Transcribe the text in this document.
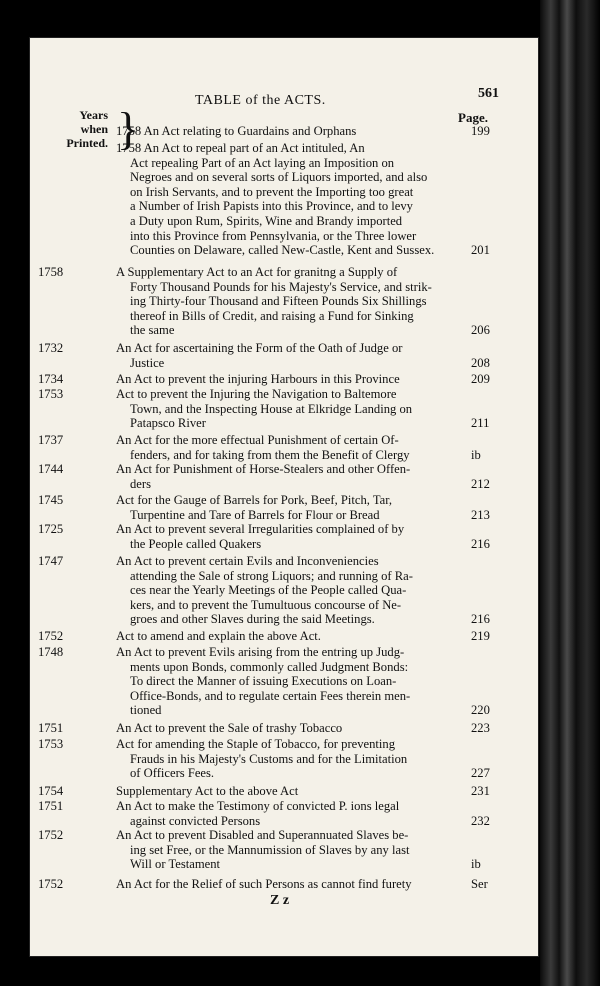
TABLE of the ACTS.	561
Years
when
Printed. }	Page.
1758 An Act relating to Guardains and Orphans	199
1758 An Act to repeal part of an Act intituled, An
Act repealing Part of an Act laying an Imposition on
Negroes and on several sorts of Liquors imported, and also
on Irish Servants, and to prevent the Importing too great
a Number of Irish Papists into this Province, and to levy
a Duty upon Rum, Spirits, Wine and Brandy imported
into this Province from Pennsylvania, or the Three lower
Counties on Delaware, called New-Castle, Kent and Sussex.	201
1758	A Supplementary Act to an Act for granitng a Supply of
Forty Thousand Pounds for his Majesty's Service, and strik-
ing Thirty-four Thousand and Fifteen Pounds Six Shillings
thereof in Bills of Credit, and raising a Fund for Sinking
the same	206
1732	An Act for ascertaining the Form of the Oath of Judge or
Justice	208
1734	An Act to prevent the injuring Harbours in this Province	209
1753	Act to prevent the Injuring the Navigation to Baltemore
Town, and the Inspecting House at Elkridge Landing on
Patapsco River	211
1737	An Act for the more effectual Punishment of certain Of-
fenders, and for taking from them the Benefit of Clergy	ib
1744	An Act for Punishment of Horse-Stealers and other Offen-
ders	212
1745	Act for the Gauge of Barrels for Pork, Beef, Pitch, Tar,
Turpentine and Tare of Barrels for Flour or Bread	213
1725	An Act to prevent several Irregularities complained of by
the People called Quakers	216
1747	An Act to prevent certain Evils and Inconveniencies
attending the Sale of strong Liquors; and running of Ra-
ces near the Yearly Meetings of the People called Qua-
kers, and to prevent the Tumultuous concourse of Ne-
groes and other Slaves during the said Meetings.	216
1752	Act to amend and explain the above Act.	219
1748	An Act to prevent Evils arising from the entring up Judg-
ments upon Bonds, commonly called Judgment Bonds:
To direct the Manner of issuing Executions on Loan-
Office-Bonds, and to regulate certain Fees therein men-
tioned	220
1751	An Act to prevent the Sale of trashy Tobacco	223
1753	Act for amending the Staple of Tobacco, for preventing
Frauds in his Majesty's Customs and for the Limitation
of Officers Fees.	227
1754	Supplementary Act to the above Act	231
1751	An Act to make the Testimony of convicted P. ions legal
against convicted Persons	232
1752	An Act to prevent Disabled and Superannuated Slaves be-
ing set Free, or the Mannumission of Slaves by any last
Will or Testament	ib
1752	An Act for the Relief of such Persons as cannot find furety	Ser
Z z
